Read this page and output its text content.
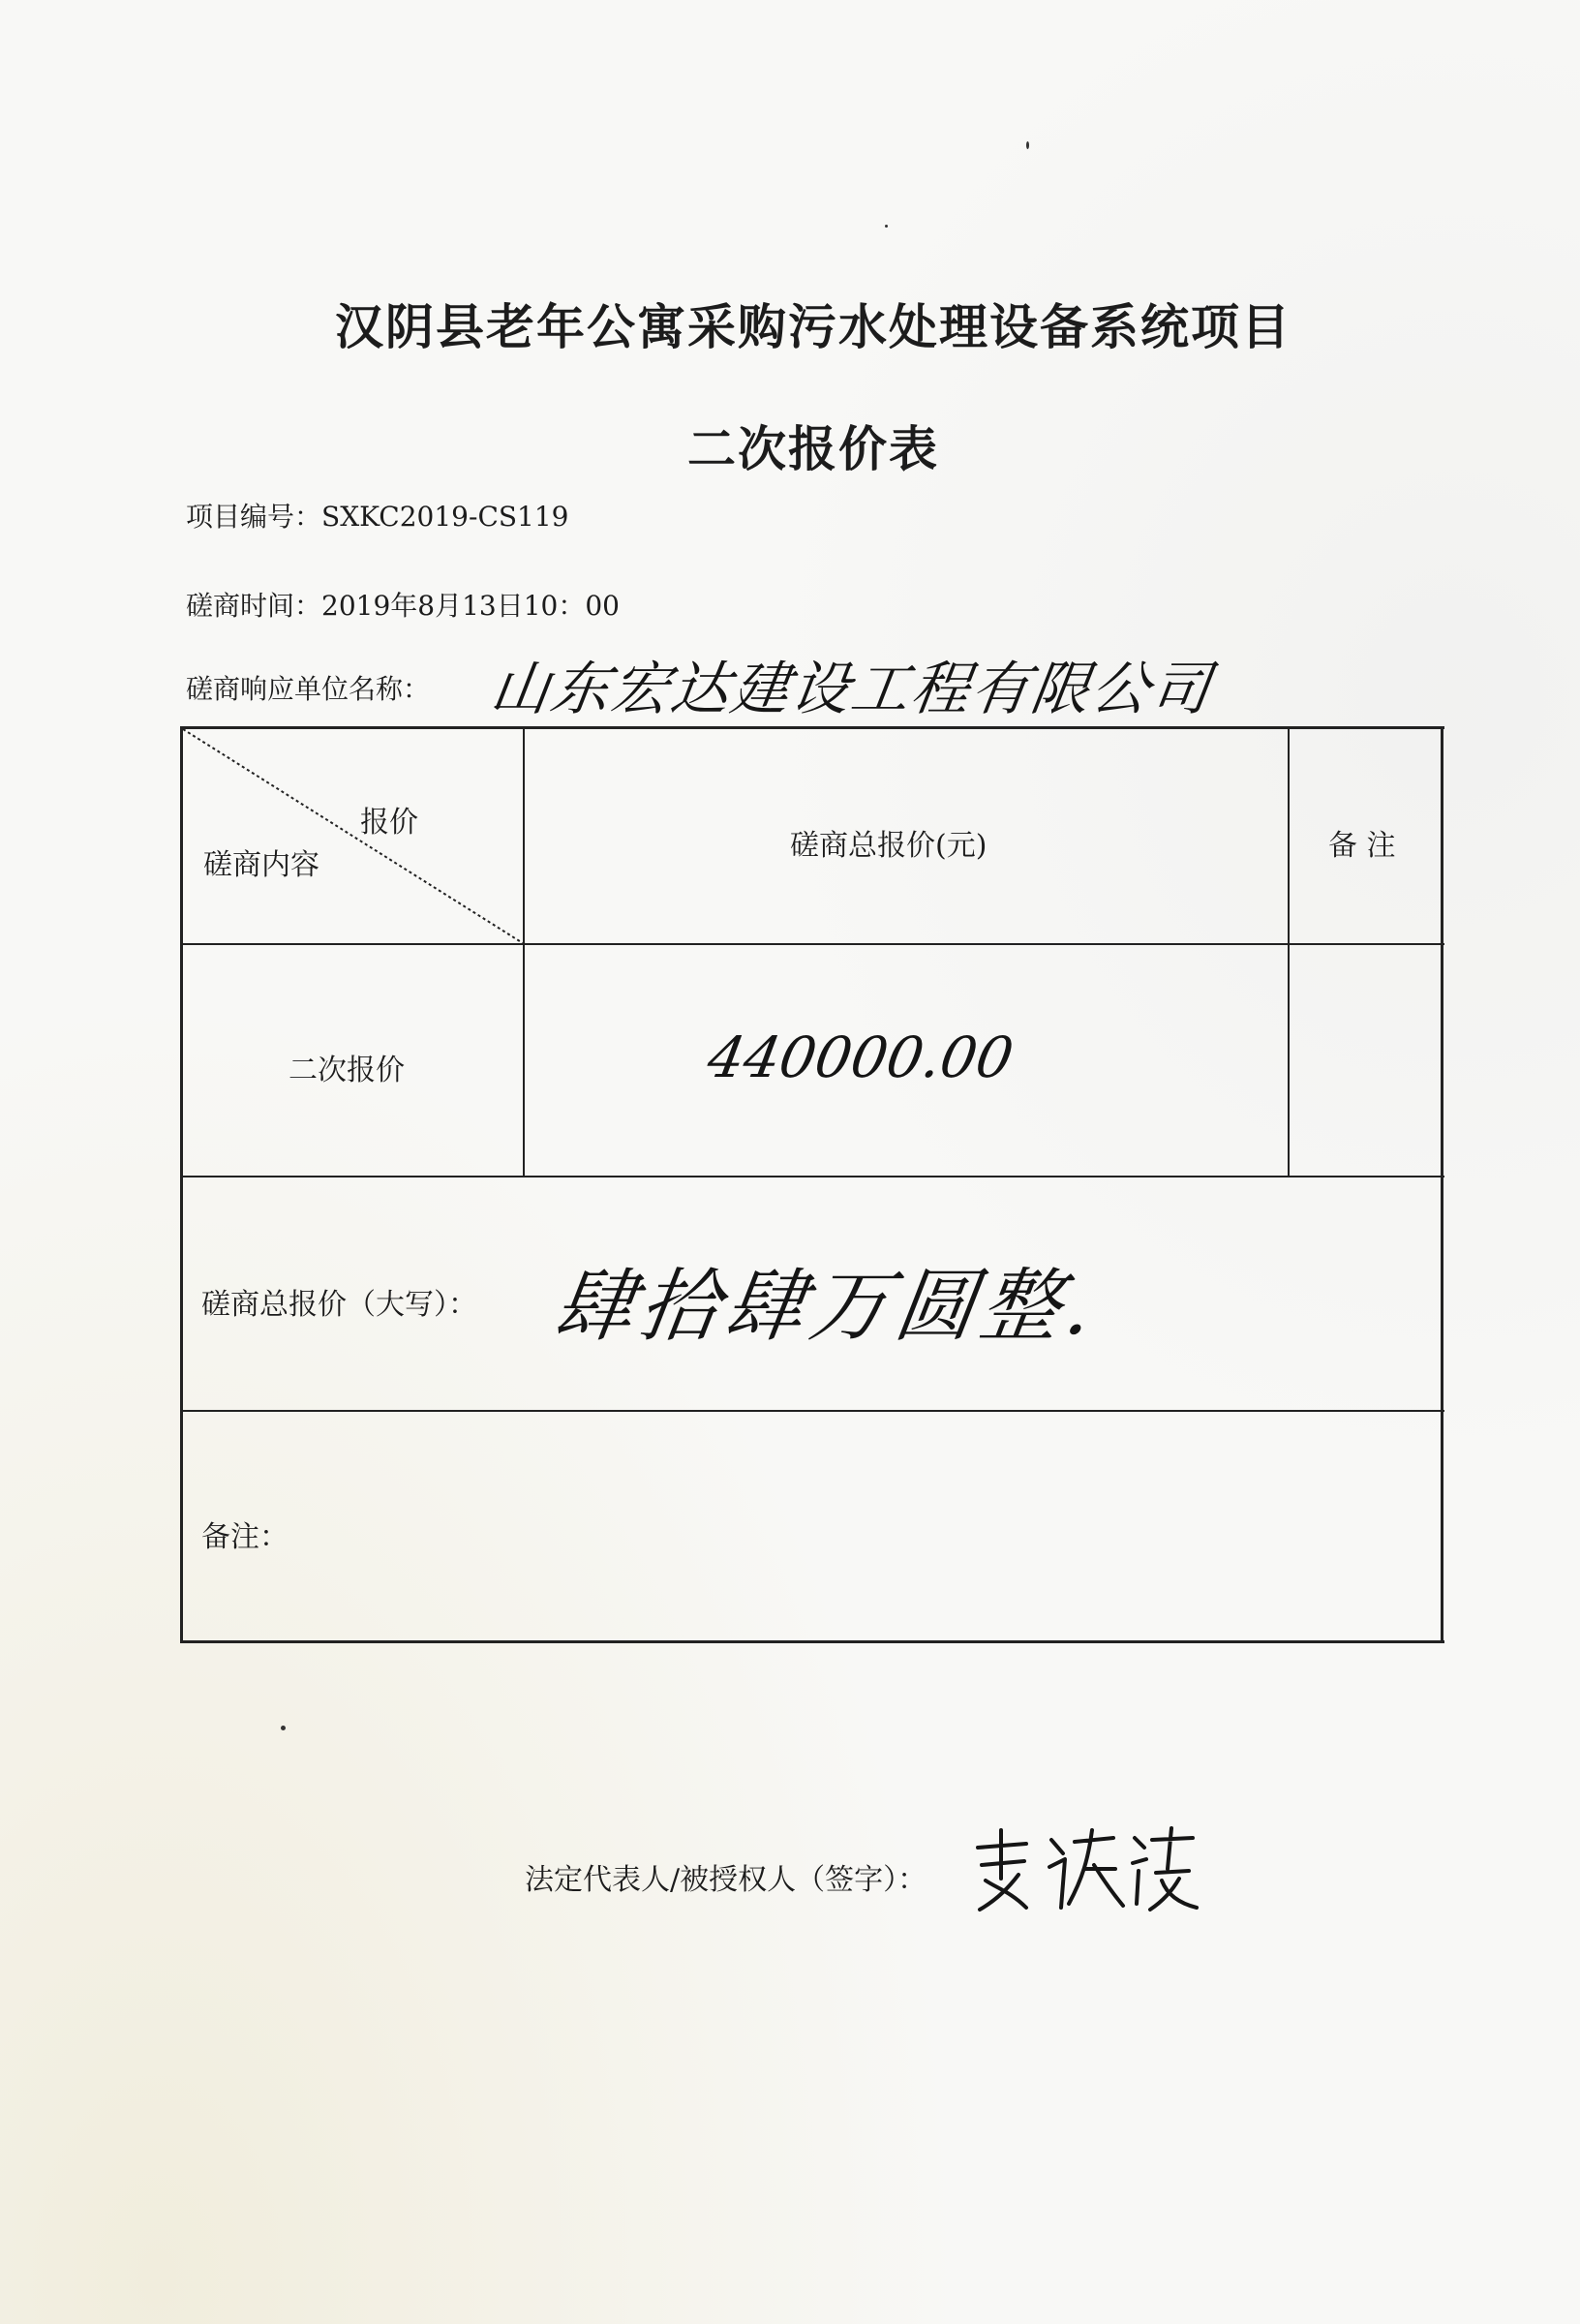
汉阴县老年公寓采购污水处理设备系统项目
二次报价表
项目编号：SXKC2019-CS119
磋商时间：2019年8月13日10：00
磋商响应单位名称： 山东宏达建设工程有限公司
报价
磋商内容
磋商总报价(元)	备 注
二次报价	440000.00
磋商总报价（大写）： 肆拾肆万圆整.
备注：
法定代表人/被授权人（签字）：
